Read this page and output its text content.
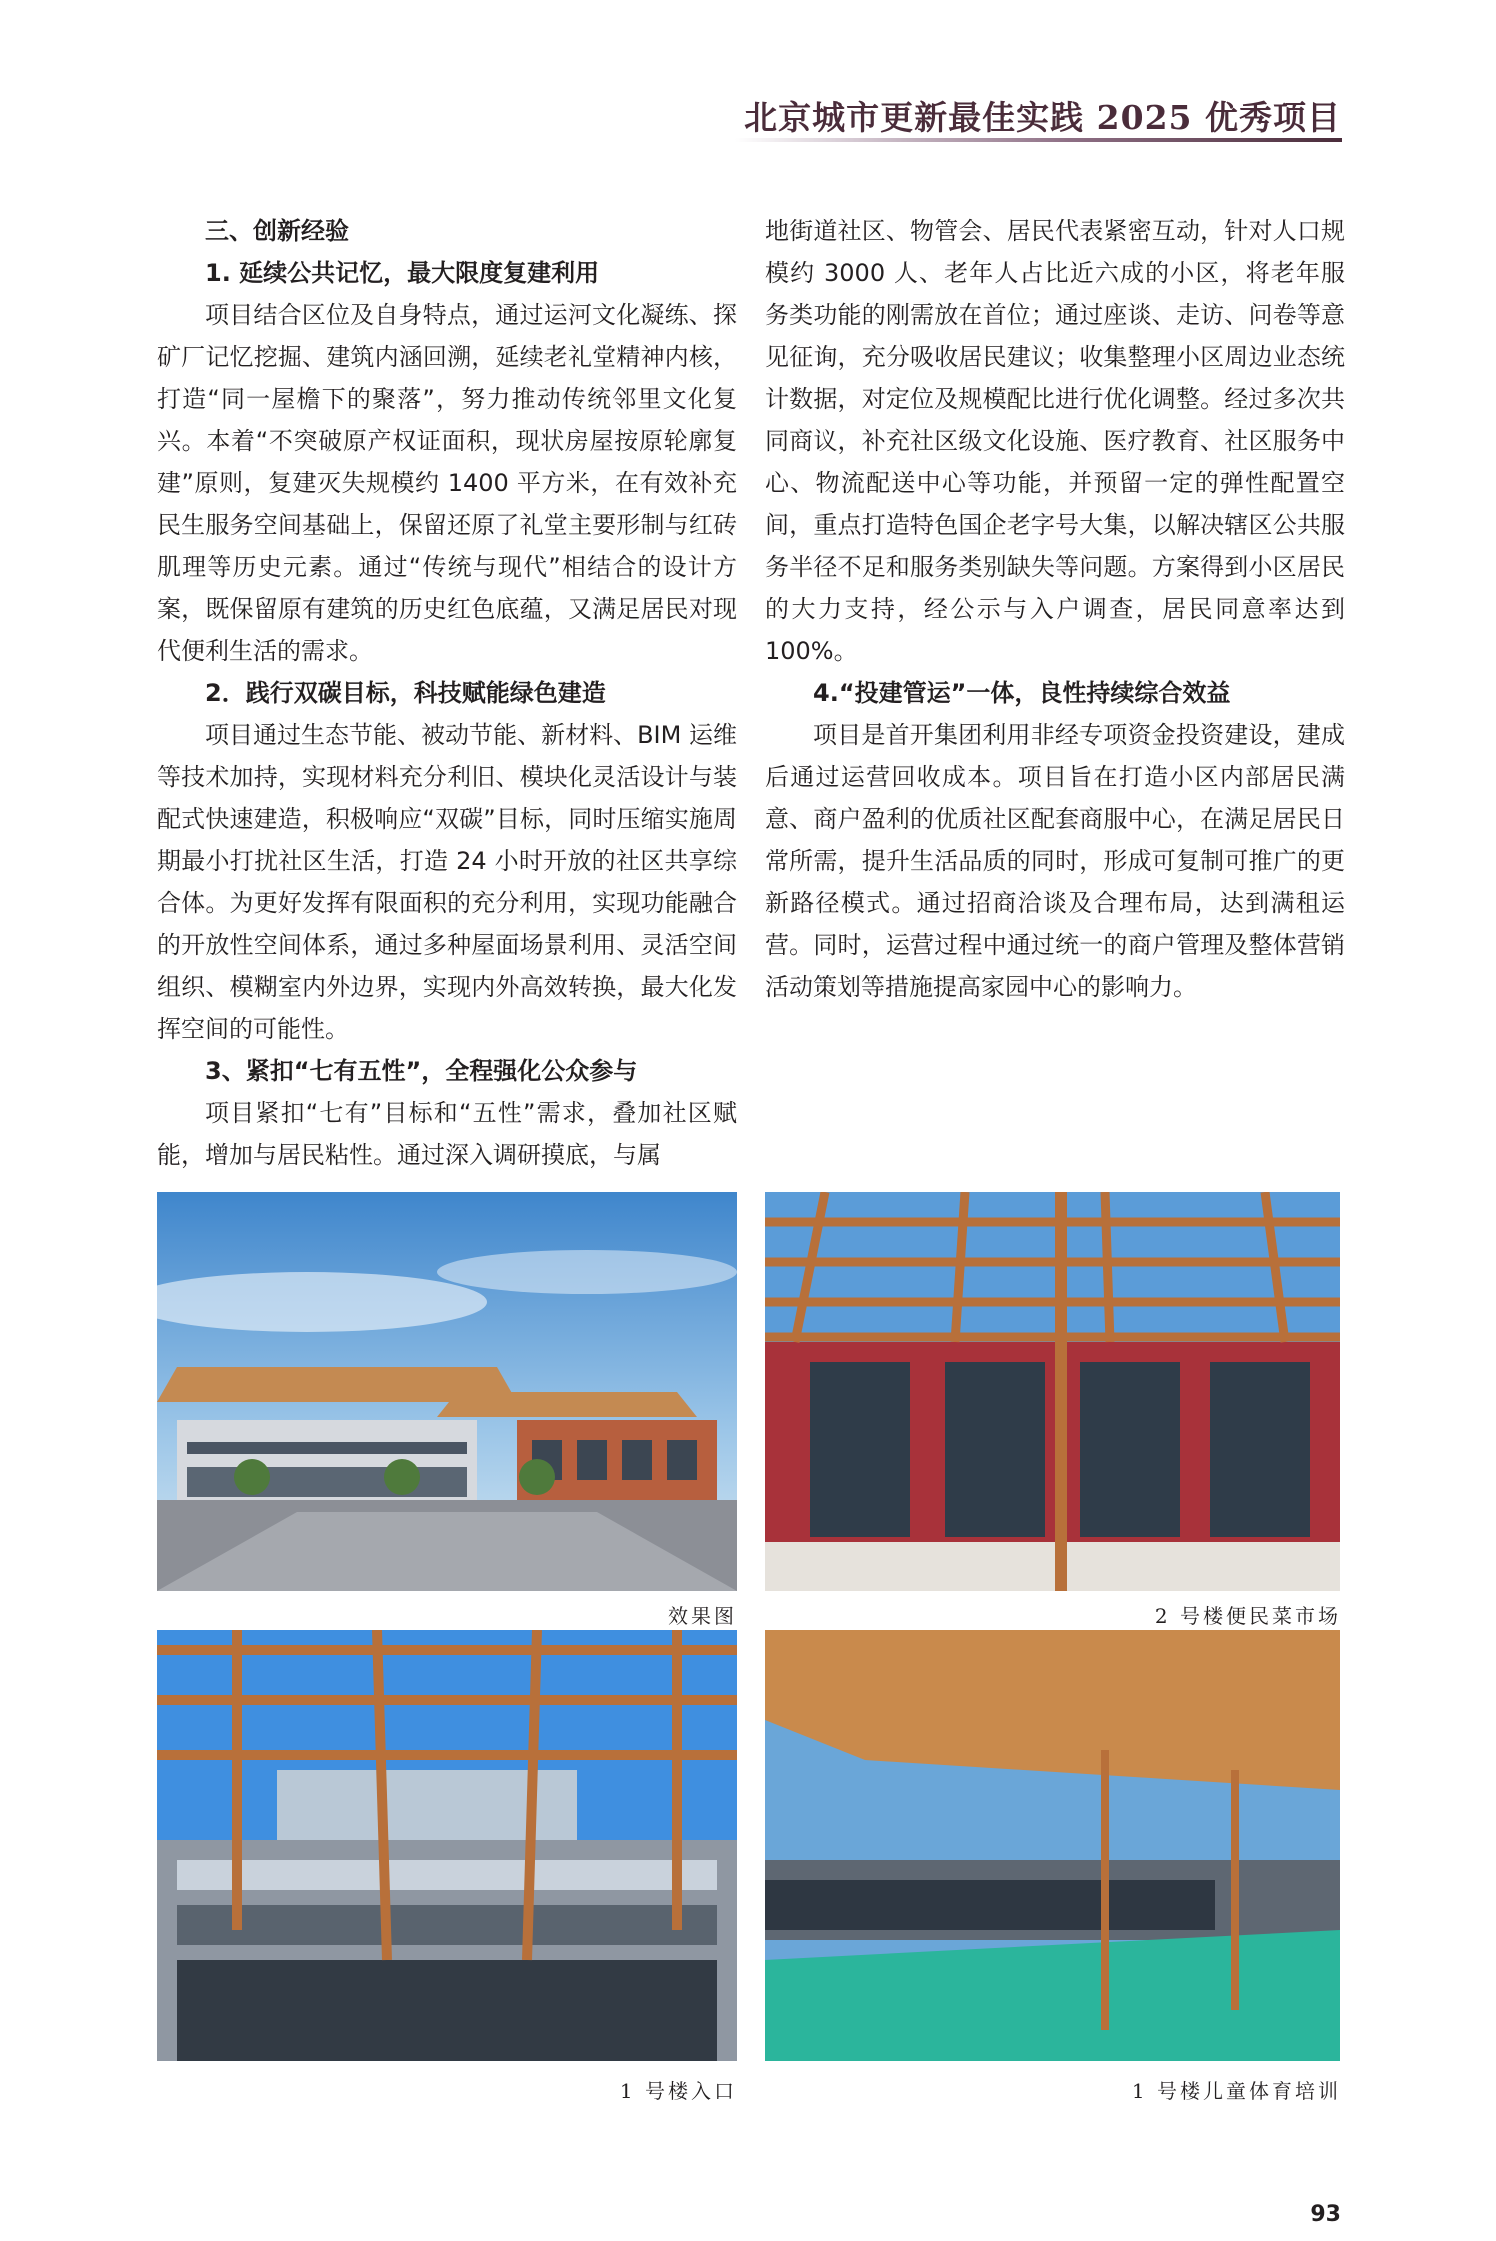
北京城市更新最佳实践 2025 优秀项目
三、创新经验
1. 延续公共记忆，最大限度复建利用

项目结合区位及自身特点，通过运河文化凝练、探矿厂记忆挖掘、建筑内涵回溯，延续老礼堂精神内核，打造“同一屋檐下的聚落”，努力推动传统邻里文化复兴。本着“不突破原产权证面积，现状房屋按原轮廓复建”原则，复建灭失规模约 1400 平方米，在有效补充民生服务空间基础上，保留还原了礼堂主要形制与红砖肌理等历史元素。通过“传统与现代”相结合的设计方案，既保留原有建筑的历史红色底蕴，又满足居民对现代便利生活的需求。

2．践行双碳目标，科技赋能绿色建造

项目通过生态节能、被动节能、新材料、BIM 运维等技术加持，实现材料充分利旧、模块化灵活设计与装配式快速建造，积极响应“双碳”目标，同时压缩实施周期最小打扰社区生活，打造 24 小时开放的社区共享综合体。为更好发挥有限面积的充分利用，实现功能融合的开放性空间体系，通过多种屋面场景利用、灵活空间组织、模糊室内外边界，实现内外高效转换，最大化发挥空间的可能性。

3、紧扣“七有五性”，全程强化公众参与

项目紧扣“七有”目标和“五性”需求，叠加社区赋能，增加与居民粘性。通过深入调研摸底，与属

地街道社区、物管会、居民代表紧密互动，针对人口规模约 3000 人、老年人占比近六成的小区，将老年服务类功能的刚需放在首位；通过座谈、走访、问卷等意见征询，充分吸收居民建议；收集整理小区周边业态统计数据，对定位及规模配比进行优化调整。经过多次共同商议，补充社区级文化设施、医疗教育、社区服务中心、物流配送中心等功能，并预留一定的弹性配置空间，重点打造特色国企老字号大集，以解决辖区公共服务半径不足和服务类别缺失等问题。方案得到小区居民的大力支持，经公示与入户调查，居民同意率达到 100%。

4.“投建管运”一体，良性持续综合效益

项目是首开集团利用非经专项资金投资建设，建成后通过运营回收成本。项目旨在打造小区内部居民满意、商户盈利的优质社区配套商服中心，在满足居民日常所需，提升生活品质的同时，形成可复制可推广的更新路径模式。通过招商洽谈及合理布局，达到满租运营。同时，运营过程中通过统一的商户管理及整体营销活动策划等措施提高家园中心的影响力。

效果图	2 号楼便民菜市场
1 号楼入口	1 号楼儿童体育培训
93
